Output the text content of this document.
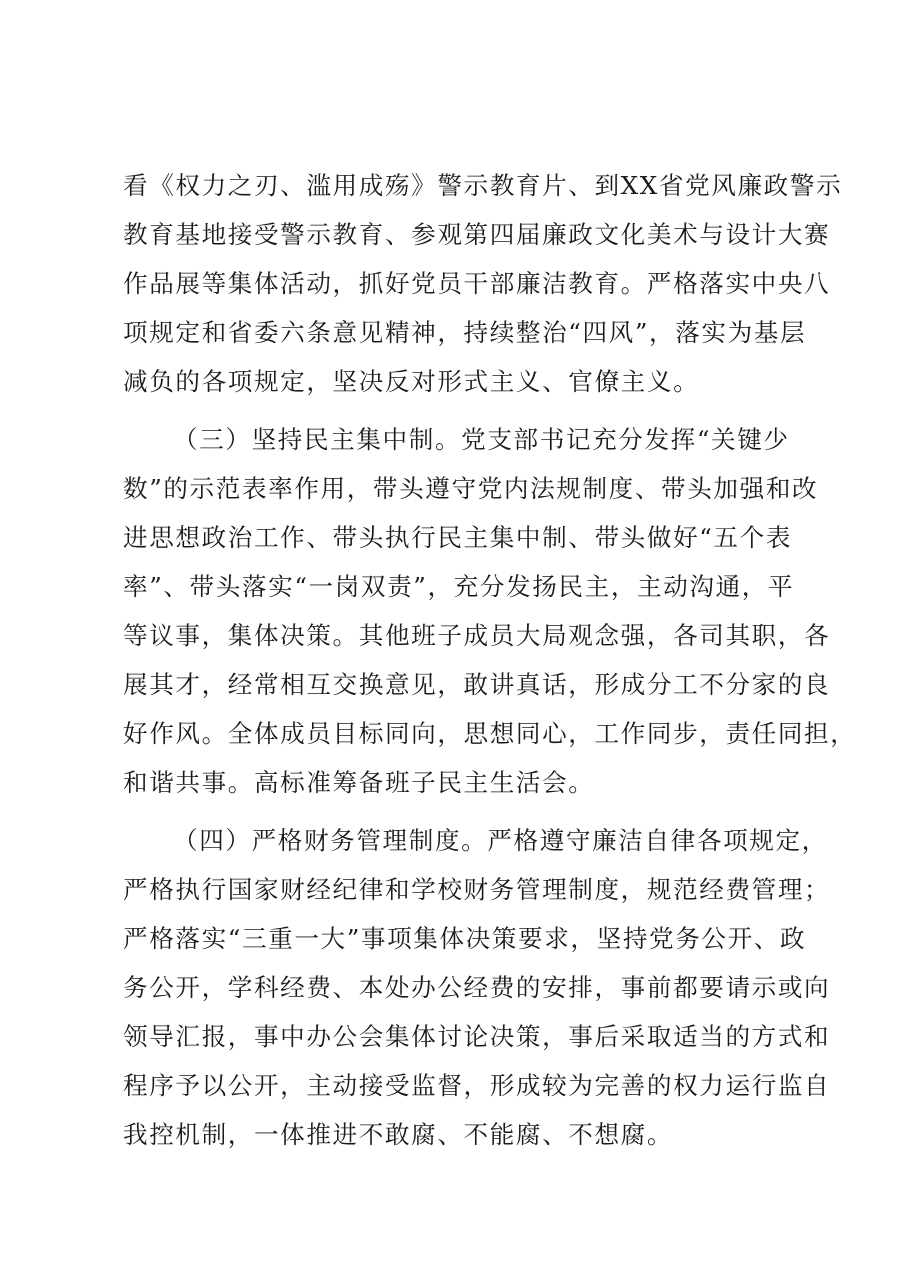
看《权力之刃、滥用成殇》警示教育片、到XX省党风廉政警示
教育基地接受警示教育、参观第四届廉政文化美术与设计大赛
作品展等集体活动，抓好党员干部廉洁教育。严格落实中央八
项规定和省委六条意见精神，持续整治“四风”，落实为基层
减负的各项规定，坚决反对形式主义、官僚主义。
（三）坚持民主集中制。党支部书记充分发挥“关键少
数”的示范表率作用，带头遵守党内法规制度、带头加强和改
进思想政治工作、带头执行民主集中制、带头做好“五个表
率”、带头落实“一岗双责”，充分发扬民主，主动沟通，平
等议事，集体决策。其他班子成员大局观念强，各司其职，各
展其才，经常相互交换意见，敢讲真话，形成分工不分家的良
好作风。全体成员目标同向，思想同心，工作同步，责任同担，
和谐共事。高标准筹备班子民主生活会。
（四）严格财务管理制度。严格遵守廉洁自律各项规定，
严格执行国家财经纪律和学校财务管理制度，规范经费管理；
严格落实“三重一大”事项集体决策要求，坚持党务公开、政
务公开，学科经费、本处办公经费的安排，事前都要请示或向
领导汇报，事中办公会集体讨论决策，事后采取适当的方式和
程序予以公开，主动接受监督，形成较为完善的权力运行监自
我控机制，一体推进不敢腐、不能腐、不想腐。
